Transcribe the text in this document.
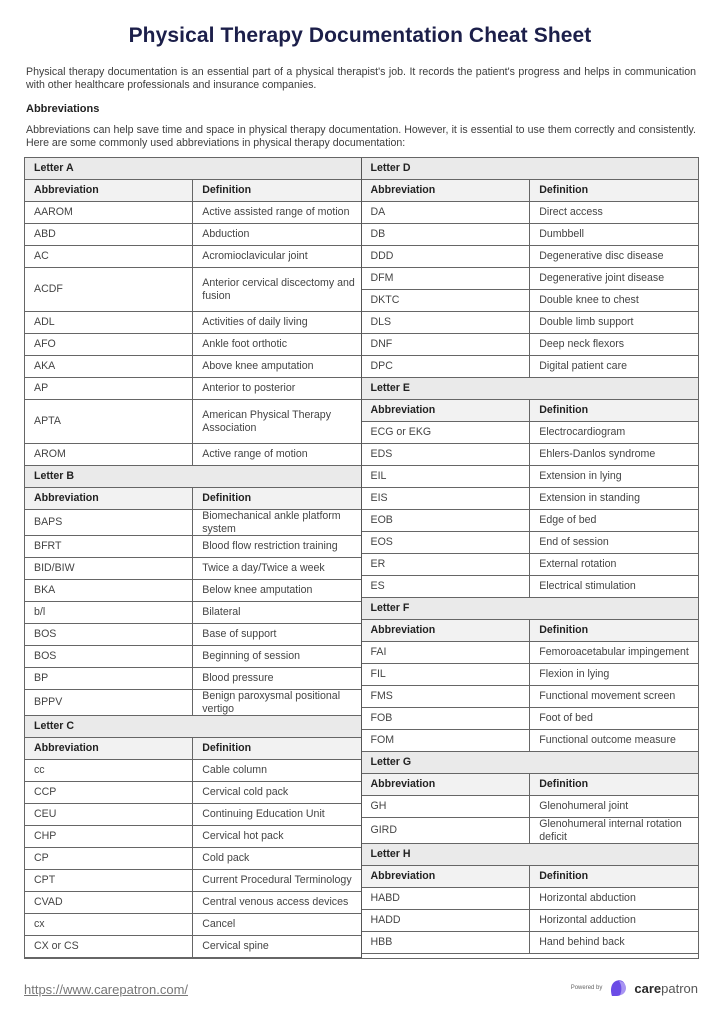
Physical Therapy Documentation Cheat Sheet
Physical therapy documentation is an essential part of a physical therapist's job. It records the patient's progress and helps in communication with other healthcare professionals and insurance companies.
Abbreviations
Abbreviations can help save time and space in physical therapy documentation. However, it is essential to use them correctly and consistently. Here are some commonly used abbreviations in physical therapy documentation:
Letter A	
Abbreviation	Definition
AAROM	Active assisted range of motion
ABD	Abduction
AC	Acromioclavicular joint
ACDF	Anterior cervical discectomy and fusion
ADL	Activities of daily living
AFO	Ankle foot orthotic
AKA	Above knee amputation
AP	Anterior to posterior
APTA	American Physical Therapy Association
AROM	Active range of motion
Letter B	
Abbreviation	Definition
BAPS	Biomechanical ankle platform system
BFRT	Blood flow restriction training
BID/BIW	Twice a day/Twice a week
BKA	Below knee amputation
b/l	Bilateral
BOS	Base of support
BOS	Beginning of session
BP	Blood pressure
BPPV	Benign paroxysmal positional vertigo
Letter C	
Abbreviation	Definition
cc	Cable column
CCP	Cervical cold pack
CEU	Continuing Education Unit
CHP	Cervical hot pack
CP	Cold pack
CPT	Current Procedural Terminology
CVAD	Central venous access devices
cx	Cancel
CX or CS	Cervical spine
Letter D	
Abbreviation	Definition
DA	Direct access
DB	Dumbbell
DDD	Degenerative disc disease
DFM	Degenerative joint disease
DKTC	Double knee to chest
DLS	Double limb support
DNF	Deep neck flexors
DPC	Digital patient care
Letter E	
Abbreviation	Definition
ECG or EKG	Electrocardiogram
EDS	Ehlers-Danlos syndrome
EIL	Extension in lying
EIS	Extension in standing
EOB	Edge of bed
EOS	End of session
ER	External rotation
ES	Electrical stimulation
Letter F	
Abbreviation	Definition
FAI	Femoroacetabular impingement
FIL	Flexion in lying
FMS	Functional movement screen
FOB	Foot of bed
FOM	Functional outcome measure
Letter G	
Abbreviation	Definition
GH	Glenohumeral joint
GIRD	Glenohumeral internal rotation deficit
Letter H	
Abbreviation	Definition
HABD	Horizontal abduction
HADD	Horizontal adduction
HBB	Hand behind back
https://www.carepatron.com/	Powered by carepatron
